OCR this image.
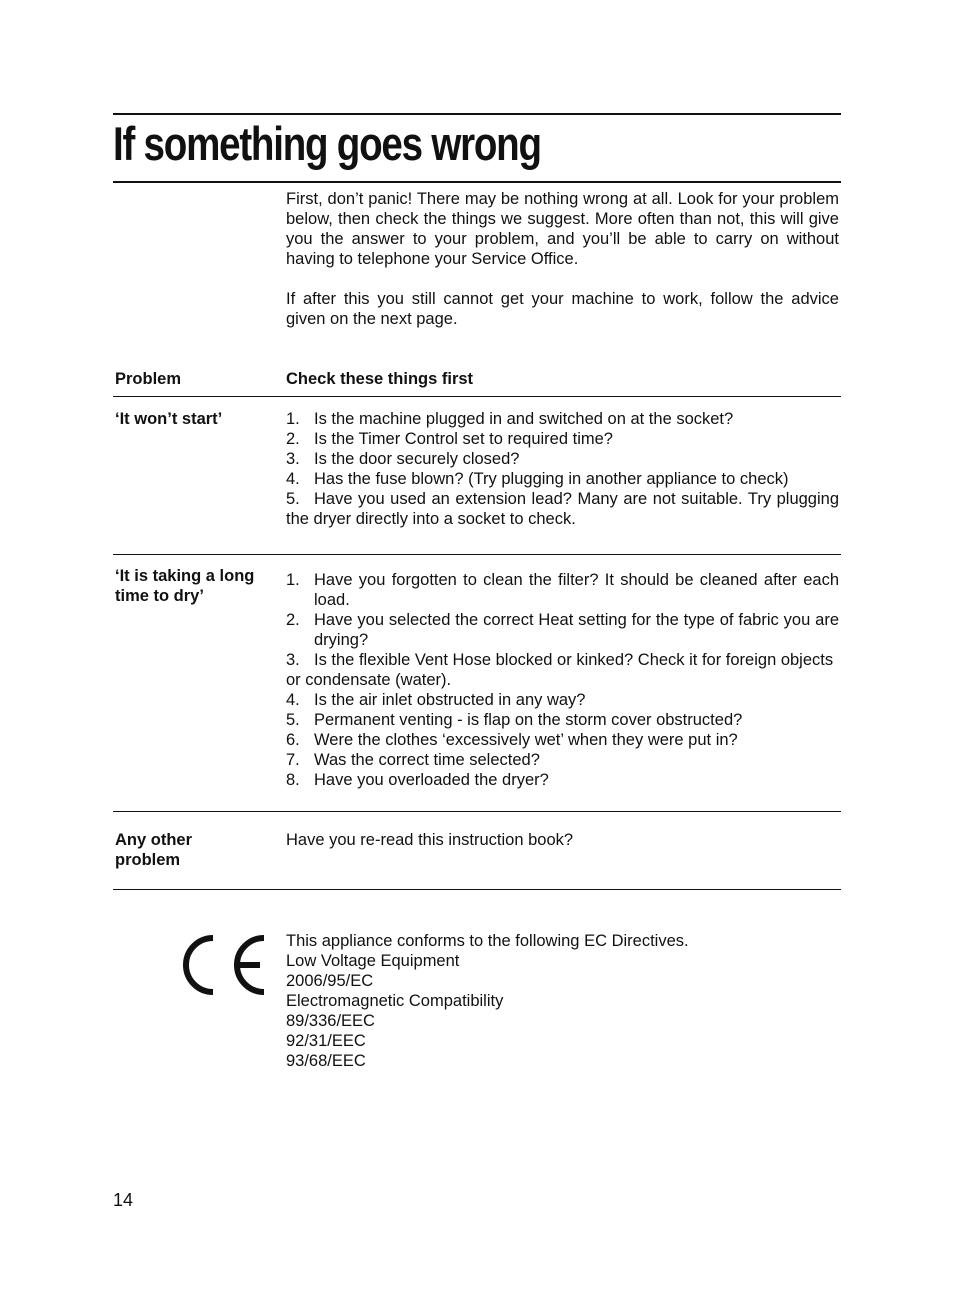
If something goes wrong

First, don’t panic! There may be nothing wrong at all. Look for your problem below, then check the things we suggest. More often than not, this will give you the answer to your problem, and you’ll be able to carry on without having to telephone your Service Office.

If after this you still cannot get your machine to work, follow the advice given on the next page.

Problem	Check these things first
‘It won’t start’	1. Is the machine plugged in and switched on at the socket?
2. Is the Timer Control set to required time?
3. Is the door securely closed?
4. Has the fuse blown? (Try plugging in another appliance to check)
5. Have you used an extension lead? Many are not suitable. Try plugging the dryer directly into a socket to check.
‘It is taking a long time to dry’
1. Have you forgotten to clean the filter? It should be cleaned after each load.
2. Have you selected the correct Heat setting for the type of fabric you are drying?
3. Is the flexible Vent Hose blocked or kinked? Check it for foreign objects or condensate (water).
4. Is the air inlet obstructed in any way?
5. Permanent venting - is flap on the storm cover obstructed?
6. Were the clothes ‘excessively wet’ when they were put in?
7. Was the correct time selected?
8. Have you overloaded the dryer?
Any other problem
Have you re-read this instruction book?
This appliance conforms to the following EC Directives.
Low Voltage Equipment
2006/95/EC
Electromagnetic Compatibility
89/336/EEC
92/31/EEC
93/68/EEC
14
